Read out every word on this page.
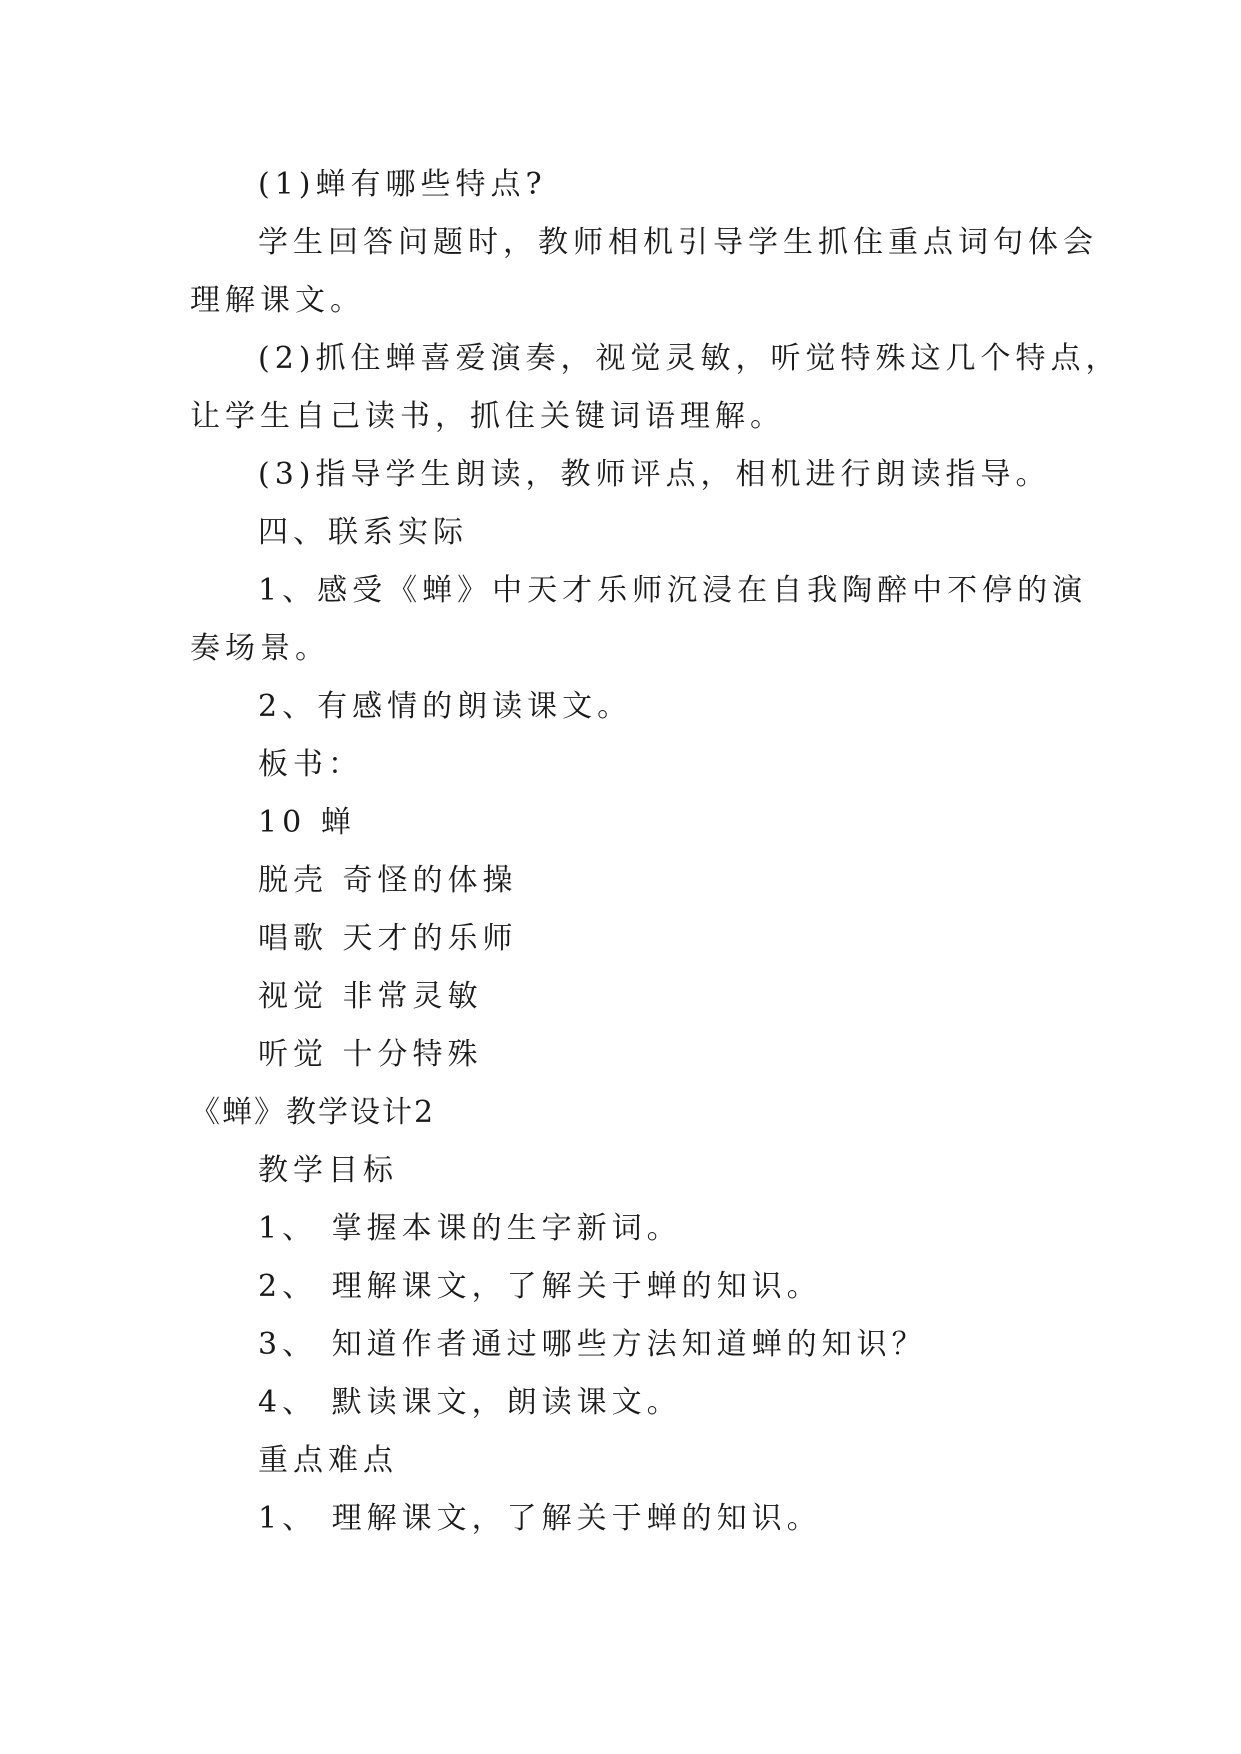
(1)蝉有哪些特点?
学生回答问题时，教师相机引导学生抓住重点词句体会
理解课文。
(2)抓住蝉喜爱演奏，视觉灵敏，听觉特殊这几个特点，
让学生自己读书，抓住关键词语理解。
(3)指导学生朗读，教师评点，相机进行朗读指导。
四、联系实际
1、感受《蝉》中天才乐师沉浸在自我陶醉中不停的演
奏场景。
2、有感情的朗读课文。
板书：
10 蝉
脱壳 奇怪的体操
唱歌 天才的乐师
视觉 非常灵敏
听觉 十分特殊
《蝉》教学设计2
教学目标
1、 掌握本课的生字新词。
2、 理解课文，了解关于蝉的知识。
3、 知道作者通过哪些方法知道蝉的知识？
4、 默读课文，朗读课文。
重点难点
1、 理解课文，了解关于蝉的知识。
